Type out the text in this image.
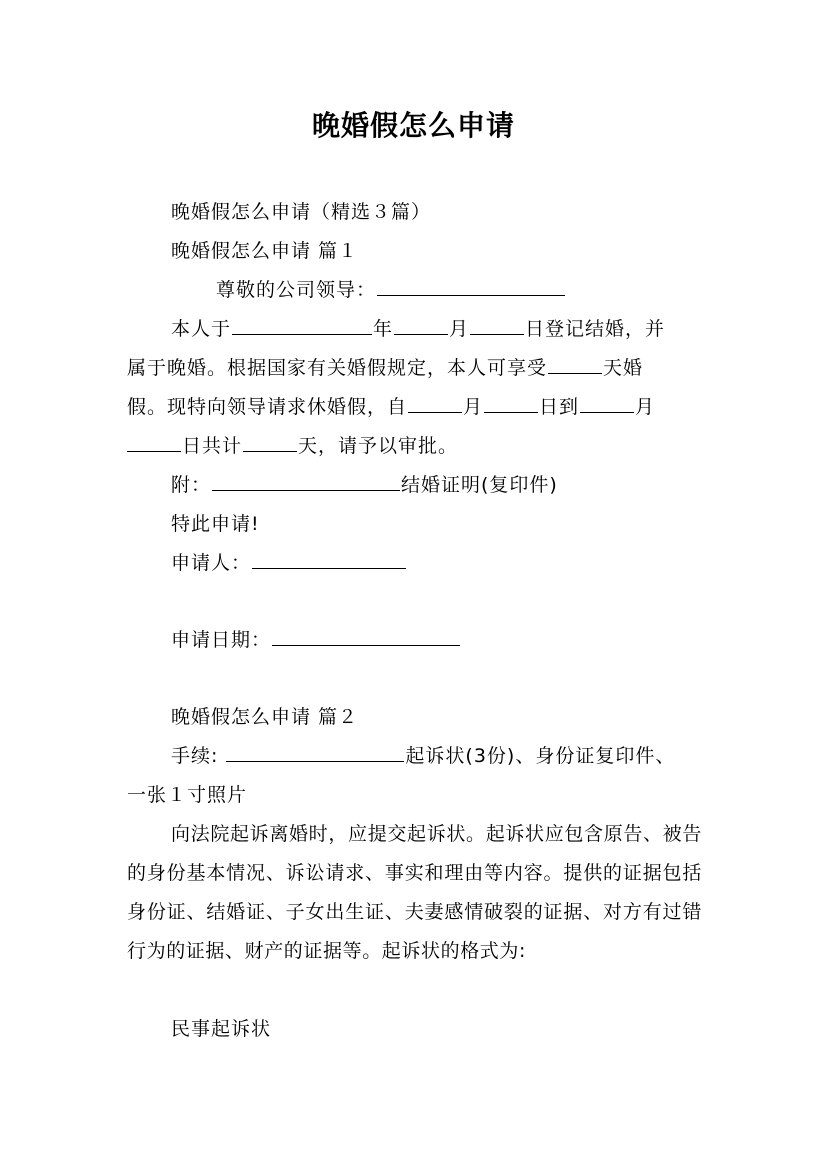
晚婚假怎么申请
晚婚假怎么申请（精选３篇）
晚婚假怎么申请 篇１
尊敬的公司领导：
本人于	年	月	日登记结婚，并
属于晚婚。根据国家有关婚假规定，本人可享受	天婚
假。现特向领导请求休婚假，自	月	日到	月
日共计	天，请予以审批。
附：	结婚证明(复印件)
特此申请!
申请人：
申请日期：
晚婚假怎么申请 篇２
手续:	起诉状(3份)、身份证复印件、
一张１寸照片
向法院起诉离婚时，应提交起诉状。起诉状应包含原告、被告的身份基本情况、诉讼请求、事实和理由等内容。提供的证据包括身份证、结婚证、子女出生证、夫妻感情破裂的证据、对方有过错行为的证据、财产的证据等。起诉状的格式为:
民事起诉状
